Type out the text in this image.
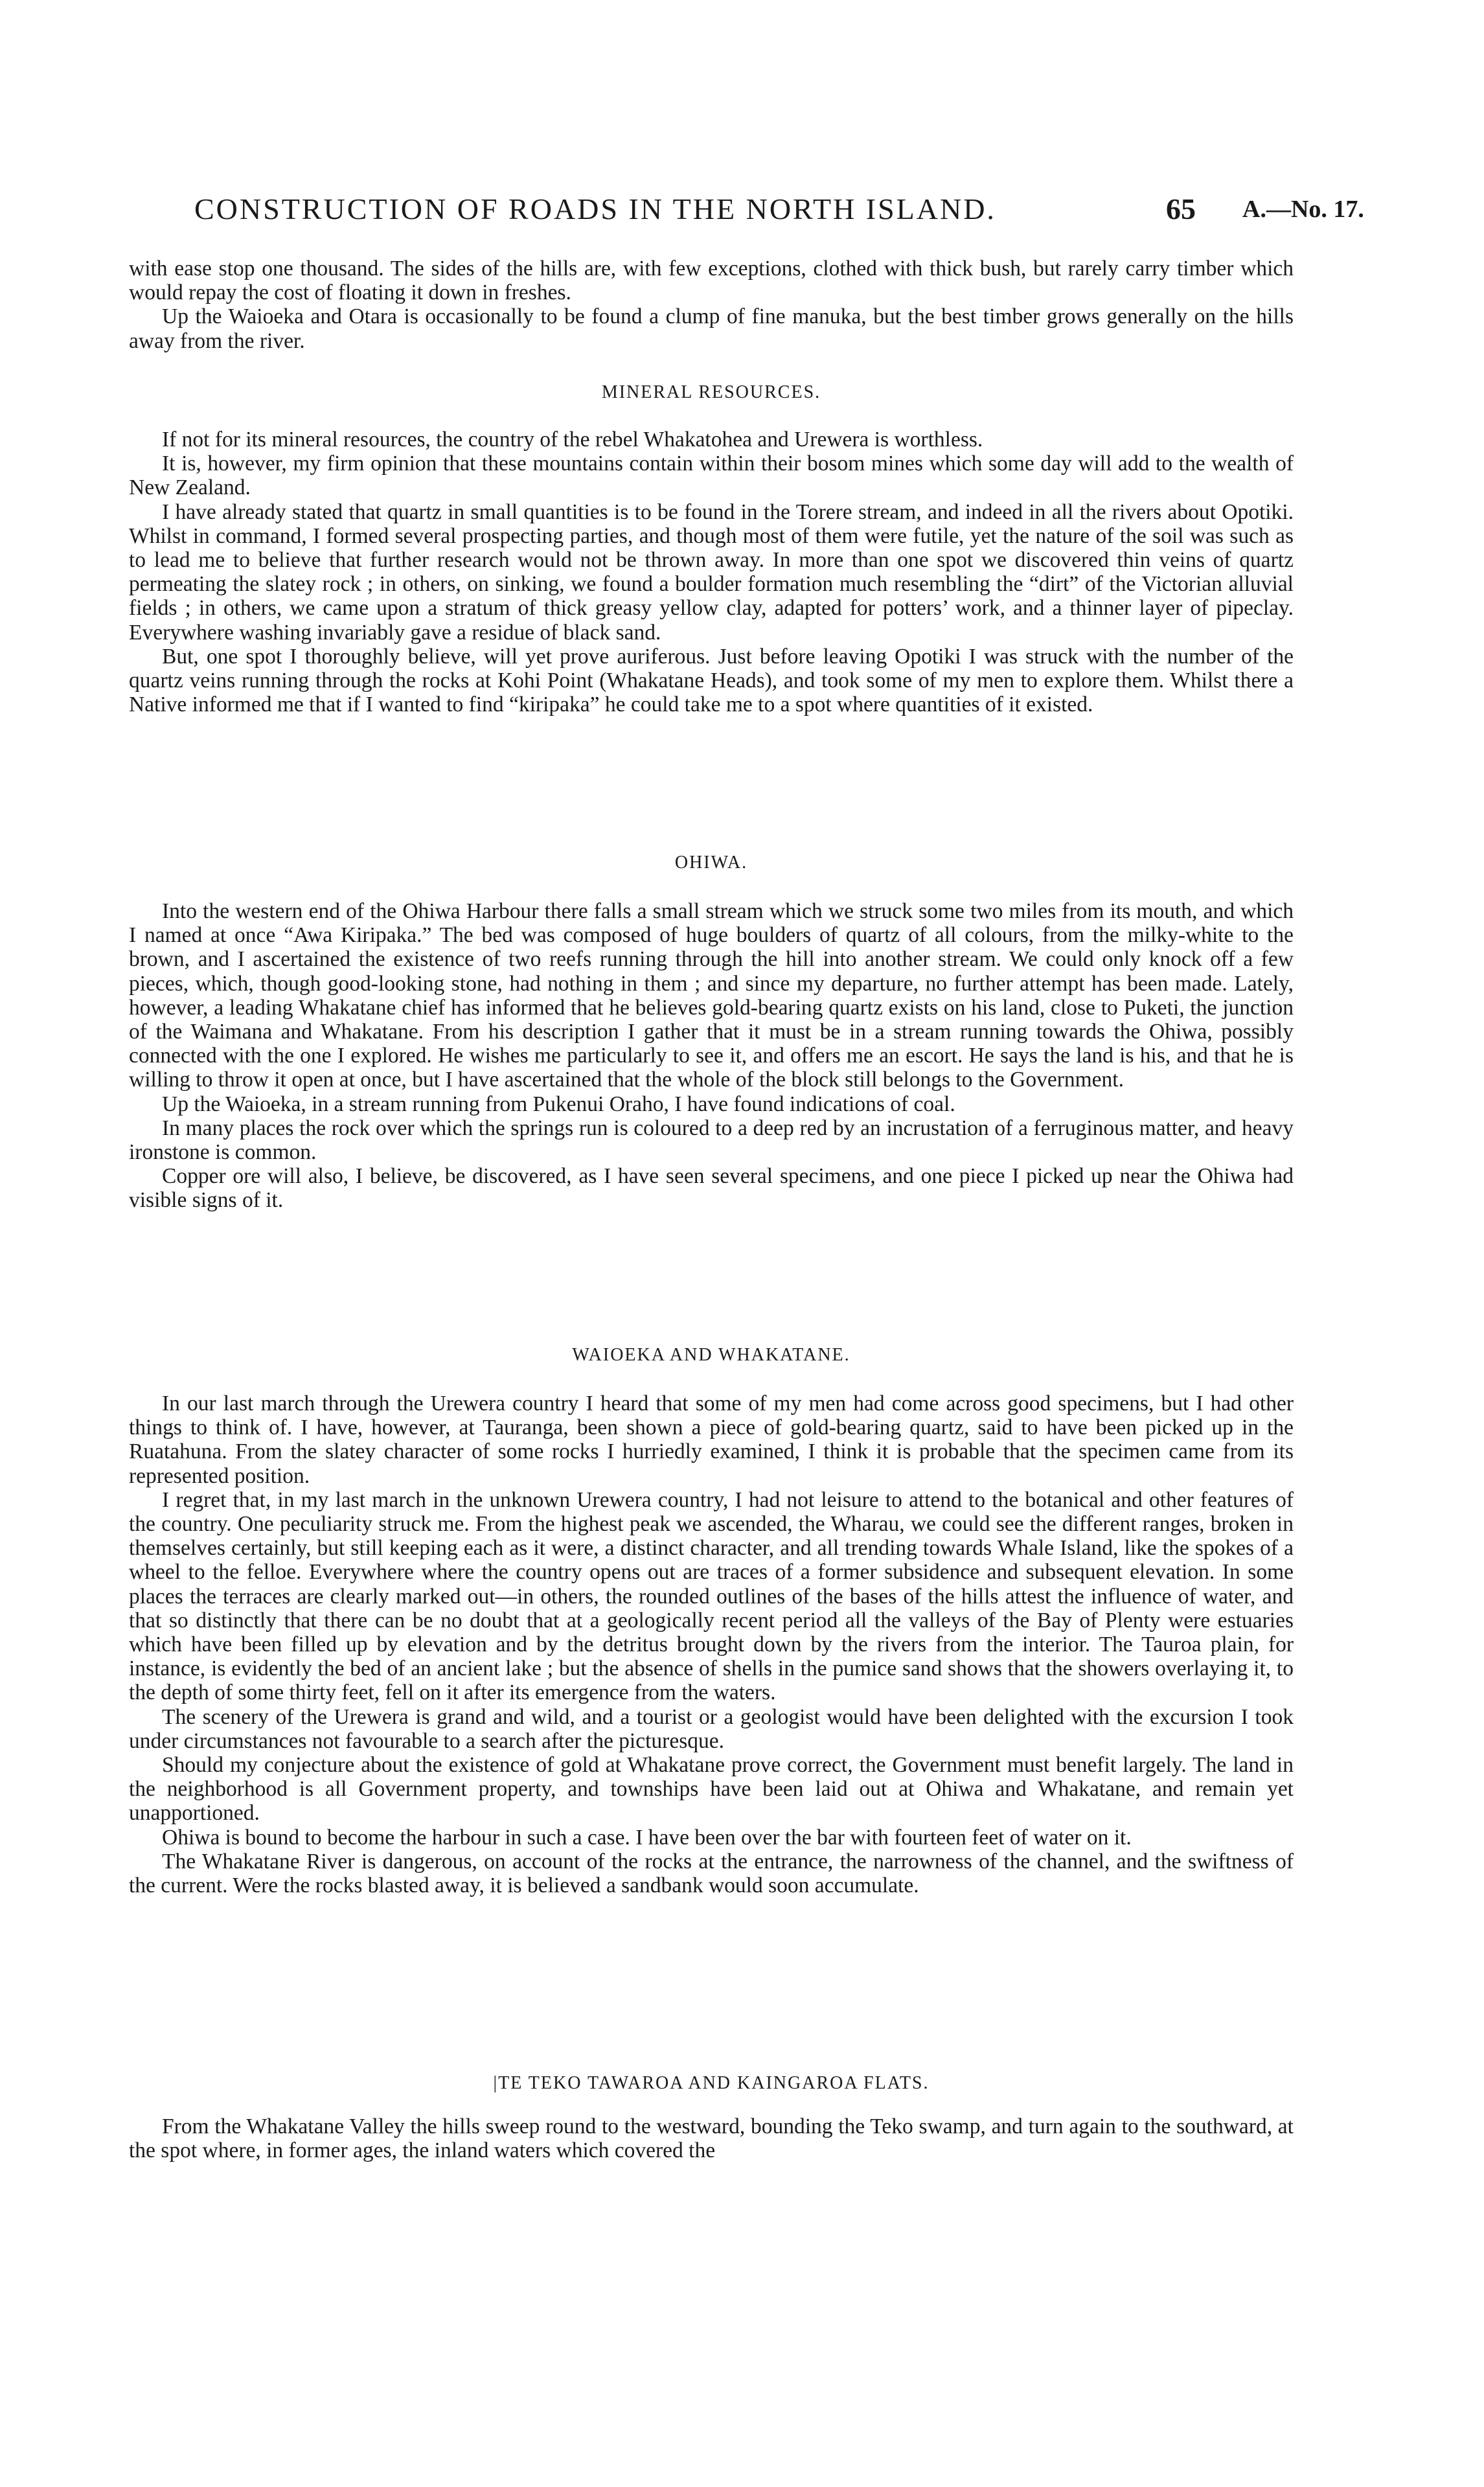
CONSTRUCTION OF ROADS IN THE NORTH ISLAND.	65 A.—No. 17.

with ease stop one thousand. The sides of the hills are, with few exceptions, clothed with thick bush, but rarely carry timber which would repay the cost of floating it down in freshes.

Up the Waioeka and Otara is occasionally to be found a clump of fine manuka, but the best timber grows generally on the hills away from the river.

MINERAL RESOURCES.

If not for its mineral resources, the country of the rebel Whakatohea and Urewera is worthless.

It is, however, my firm opinion that these mountains contain within their bosom mines which some day will add to the wealth of New Zealand.

I have already stated that quartz in small quantities is to be found in the Torere stream, and indeed in all the rivers about Opotiki. Whilst in command, I formed several prospecting parties, and though most of them were futile, yet the nature of the soil was such as to lead me to believe that further research would not be thrown away. In more than one spot we discovered thin veins of quartz permeating the slatey rock ; in others, on sinking, we found a boulder formation much resembling the “dirt” of the Victorian alluvial fields ; in others, we came upon a stratum of thick greasy yellow clay, adapted for potters’ work, and a thinner layer of pipeclay. Everywhere washing invariably gave a residue of black sand.

But, one spot I thoroughly believe, will yet prove auriferous. Just before leaving Opotiki I was struck with the number of the quartz veins running through the rocks at Kohi Point (Whakatane Heads), and took some of my men to explore them. Whilst there a Native informed me that if I wanted to find “kiripaka” he could take me to a spot where quantities of it existed.

OHIWA.

Into the western end of the Ohiwa Harbour there falls a small stream which we struck some two miles from its mouth, and which I named at once “Awa Kiripaka.” The bed was composed of huge boulders of quartz of all colours, from the milky-white to the brown, and I ascertained the existence of two reefs running through the hill into another stream. We could only knock off a few pieces, which, though good-looking stone, had nothing in them ; and since my departure, no further attempt has been made. Lately, however, a leading Whakatane chief has informed that he believes gold-bearing quartz exists on his land, close to Puketi, the junction of the Waimana and Whakatane. From his description I gather that it must be in a stream running towards the Ohiwa, possibly connected with the one I explored. He wishes me particularly to see it, and offers me an escort. He says the land is his, and that he is willing to throw it open at once, but I have ascertained that the whole of the block still belongs to the Government.

Up the Waioeka, in a stream running from Pukenui Oraho, I have found indications of coal.

In many places the rock over which the springs run is coloured to a deep red by an incrustation of a ferruginous matter, and heavy ironstone is common.

Copper ore will also, I believe, be discovered, as I have seen several specimens, and one piece I picked up near the Ohiwa had visible signs of it.

WAIOEKA AND WHAKATANE.

In our last march through the Urewera country I heard that some of my men had come across good specimens, but I had other things to think of. I have, however, at Tauranga, been shown a piece of gold-bearing quartz, said to have been picked up in the Ruatahuna. From the slatey character of some rocks I hurriedly examined, I think it is probable that the specimen came from its represented position.

I regret that, in my last march in the unknown Urewera country, I had not leisure to attend to the botanical and other features of the country. One peculiarity struck me. From the highest peak we ascended, the Wharau, we could see the different ranges, broken in themselves certainly, but still keeping each as it were, a distinct character, and all trending towards Whale Island, like the spokes of a wheel to the felloe. Everywhere where the country opens out are traces of a former subsidence and subsequent elevation. In some places the terraces are clearly marked out—in others, the rounded outlines of the bases of the hills attest the influence of water, and that so distinctly that there can be no doubt that at a geologically recent period all the valleys of the Bay of Plenty were estuaries which have been filled up by elevation and by the detritus brought down by the rivers from the interior. The Tauroa plain, for instance, is evidently the bed of an ancient lake ; but the absence of shells in the pumice sand shows that the showers overlaying it, to the depth of some thirty feet, fell on it after its emergence from the waters.

The scenery of the Urewera is grand and wild, and a tourist or a geologist would have been delighted with the excursion I took under circumstances not favourable to a search after the picturesque.

Should my conjecture about the existence of gold at Whakatane prove correct, the Government must benefit largely. The land in the neighborhood is all Government property, and townships have been laid out at Ohiwa and Whakatane, and remain yet unapportioned.

Ohiwa is bound to become the harbour in such a case. I have been over the bar with fourteen feet of water on it.

The Whakatane River is dangerous, on account of the rocks at the entrance, the narrowness of the channel, and the swiftness of the current. Were the rocks blasted away, it is believed a sandbank would soon accumulate.

|TE TEKO TAWAROA AND KAINGAROA FLATS.

From the Whakatane Valley the hills sweep round to the westward, bounding the Teko swamp, and turn again to the southward, at the spot where, in former ages, the inland waters which covered the
